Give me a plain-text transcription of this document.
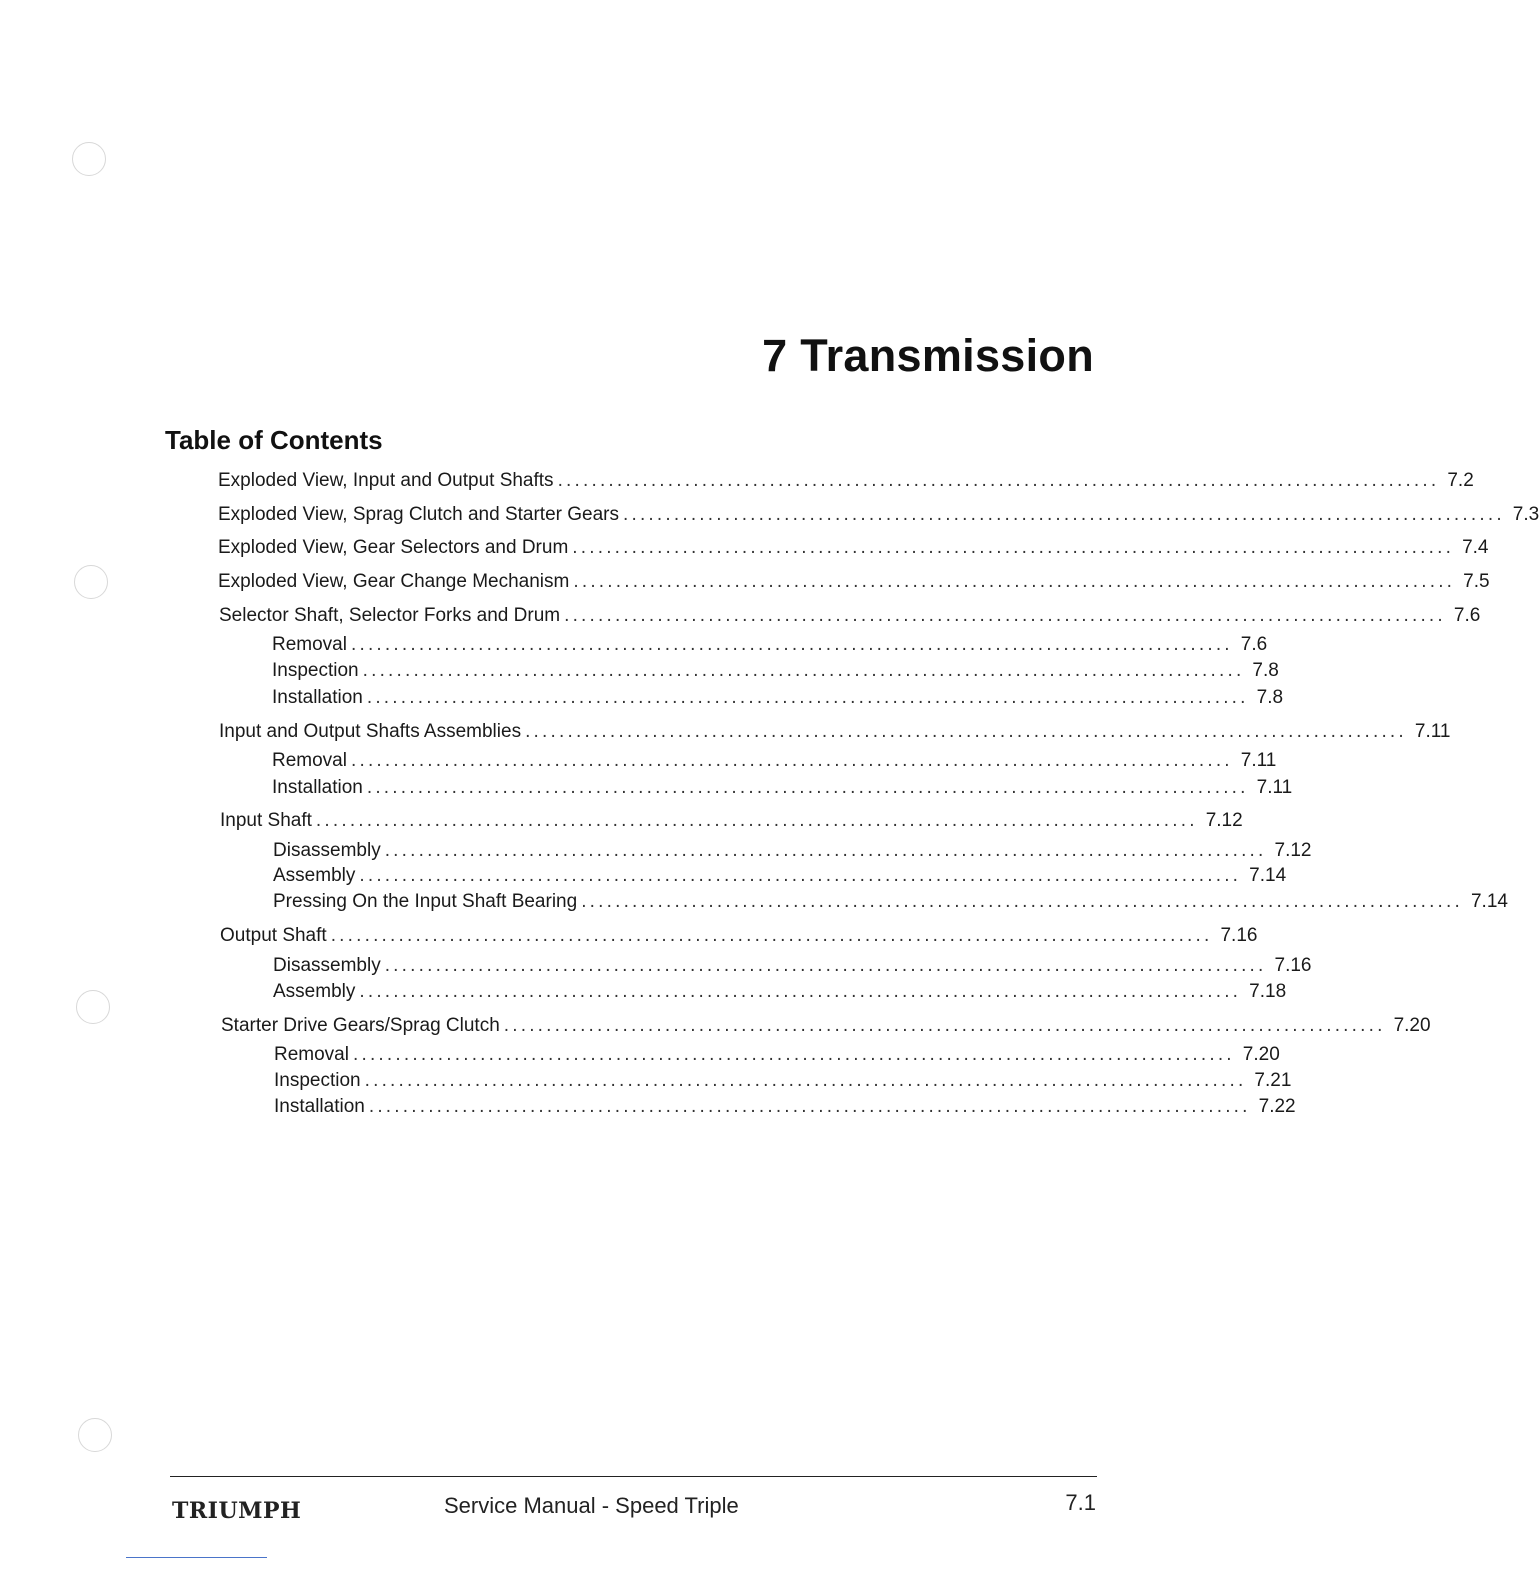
7 Transmission
Table of Contents
Exploded View, Input and Output Shafts ........................................................................................................ 7.2
Exploded View, Sprag Clutch and Starter Gears ........................................................................................................ 7.3
Exploded View, Gear Selectors and Drum ........................................................................................................ 7.4
Exploded View, Gear Change Mechanism ........................................................................................................ 7.5
Selector Shaft, Selector Forks and Drum ........................................................................................................ 7.6
Removal ........................................................................................................ 7.6
Inspection ........................................................................................................ 7.8
Installation ........................................................................................................ 7.8
Input and Output Shafts Assemblies ........................................................................................................ 7.11
Removal ........................................................................................................ 7.11
Installation ........................................................................................................ 7.11
Input Shaft ........................................................................................................ 7.12
Disassembly ........................................................................................................ 7.12
Assembly ........................................................................................................ 7.14
Pressing On the Input Shaft Bearing ........................................................................................................ 7.14
Output Shaft ........................................................................................................ 7.16
Disassembly ........................................................................................................ 7.16
Assembly ........................................................................................................ 7.18
Starter Drive Gears/Sprag Clutch ........................................................................................................ 7.20
Removal ........................................................................................................ 7.20
Inspection ........................................................................................................ 7.21
Installation ........................................................................................................ 7.22
TRIUMPH	Service Manual - Speed Triple	7.1
